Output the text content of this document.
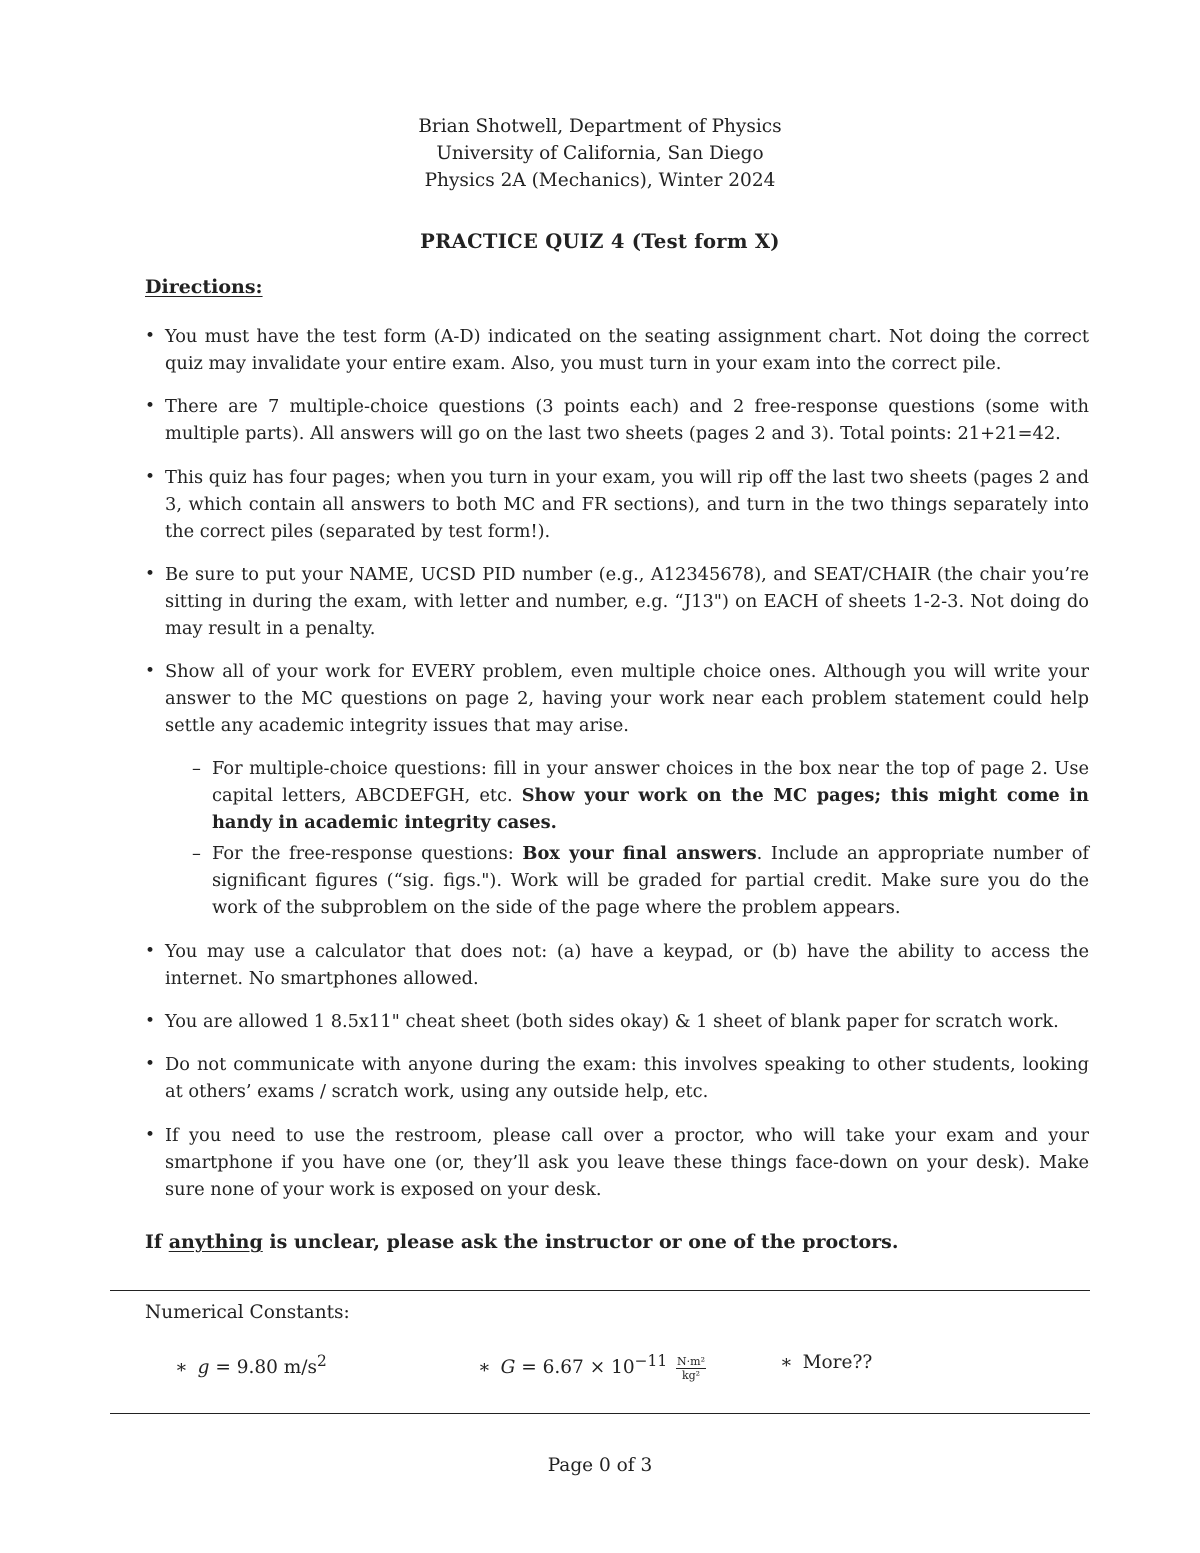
Brian Shotwell, Department of Physics
University of California, San Diego
Physics 2A (Mechanics), Winter 2024
PRACTICE QUIZ 4 (Test form X)
Directions:
• You must have the test form (A-D) indicated on the seating assignment chart. Not doing the correct quiz may invalidate your entire exam. Also, you must turn in your exam into the correct pile.
• There are 7 multiple-choice questions (3 points each) and 2 free-response questions (some with multiple parts). All answers will go on the last two sheets (pages 2 and 3). Total points: 21+21=42.
• This quiz has four pages; when you turn in your exam, you will rip off the last two sheets (pages 2 and 3, which contain all answers to both MC and FR sections), and turn in the two things separately into the correct piles (separated by test form!).
• Be sure to put your NAME, UCSD PID number (e.g., A12345678), and SEAT/CHAIR (the chair you’re sitting in during the exam, with letter and number, e.g. “J13") on EACH of sheets 1-2-3. Not doing do may result in a penalty.
• Show all of your work for EVERY problem, even multiple choice ones. Although you will write your answer to the MC questions on page 2, having your work near each problem statement could help settle any academic integrity issues that may arise.
– For multiple-choice questions: fill in your answer choices in the box near the top of page 2. Use capital letters, ABCDEFGH, etc. Show your work on the MC pages; this might come in handy in academic integrity cases.
– For the free-response questions: Box your final answers. Include an appropriate number of significant figures (“sig. figs."). Work will be graded for partial credit. Make sure you do the work of the subproblem on the side of the page where the problem appears.
• You may use a calculator that does not: (a) have a keypad, or (b) have the ability to access the internet. No smartphones allowed.
• You are allowed 1 8.5x11" cheat sheet (both sides okay) & 1 sheet of blank paper for scratch work.
• Do not communicate with anyone during the exam: this involves speaking to other students, looking at others’ exams / scratch work, using any outside help, etc.
• If you need to use the restroom, please call over a proctor, who will take your exam and your smartphone if you have one (or, they’ll ask you leave these things face-down on your desk). Make sure none of your work is exposed on your desk.
If anything is unclear, please ask the instructor or one of the proctors.
Numerical Constants:
∗ g = 9.80 $m/s^2$	∗ $G = 6.67 \times 10^{-11} \frac{\text{N·m²}}{\text{kg²}}$	∗ More??
Page 0 of 3
